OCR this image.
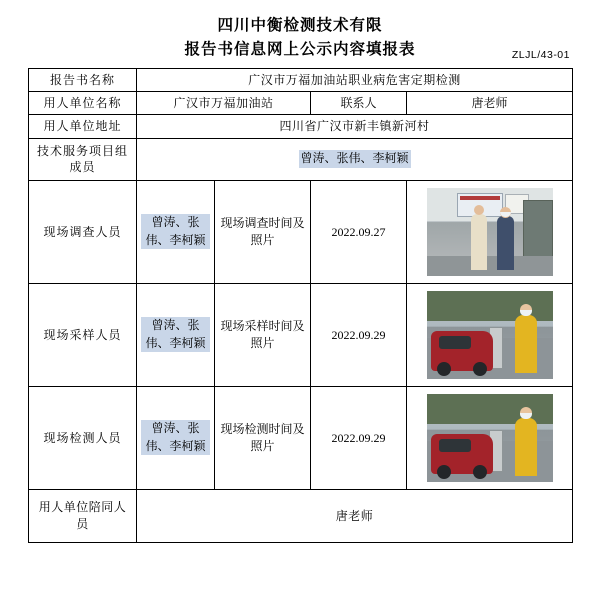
四川中衡检测技术有限
报告书信息网上公示内容填报表	ZLJL/43-01
报告书名称	广汉市万福加油站职业病危害定期检测			
用人单位名称	广汉市万福加油站		联系人	唐老师
用人单位地址	四川省广汉市新丰镇新河村			
技术服务项目组成员	曾涛、张伟、李柯颖			
现场调查人员	曾涛、张伟、李柯颖	现场调查时间及照片	2022.09.27	

现场采样人员	曾涛、张伟、李柯颖	现场采样时间及照片	2022.09.29	

现场检测人员	曾涛、张伟、李柯颖	现场检测时间及照片	2022.09.29	

用人单位陪同人员	唐老师			
